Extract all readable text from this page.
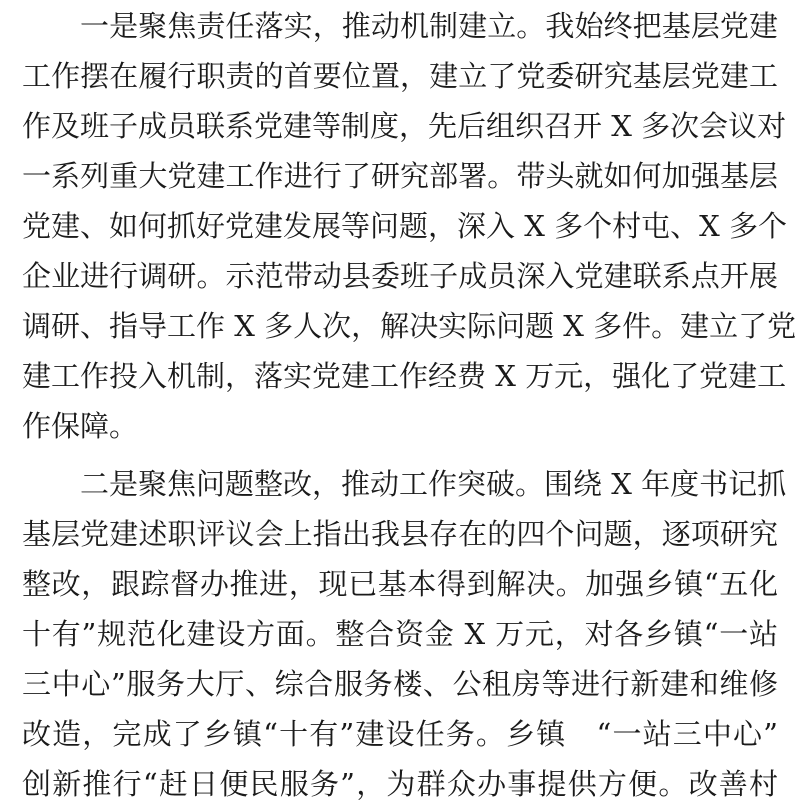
一是聚焦责任落实，推动机制建立。我始终把基层党建
工作摆在履行职责的首要位置，建立了党委研究基层党建工
作及班子成员联系党建等制度，先后组织召开 X 多次会议对
一系列重大党建工作进行了研究部署。带头就如何加强基层
党建、如何抓好党建发展等问题，深入 X 多个村屯、X 多个
企业进行调研。示范带动县委班子成员深入党建联系点开展
调研、指导工作 X 多人次，解决实际问题 X 多件。建立了党
建工作投入机制，落实党建工作经费 X 万元，强化了党建工
作保障。
二是聚焦问题整改，推动工作突破。围绕 X 年度书记抓
基层党建述职评议会上指出我县存在的四个问题，逐项研究
整改，跟踪督办推进，现已基本得到解决。加强乡镇“五化
十有”规范化建设方面。整合资金 X 万元，对各乡镇“一站
三中心”服务大厅、综合服务楼、公租房等进行新建和维修
改造，完成了乡镇“十有”建设任务。乡镇　“一站三中心”
创新推行“赶日便民服务”，为群众办事提供方便。改善村
